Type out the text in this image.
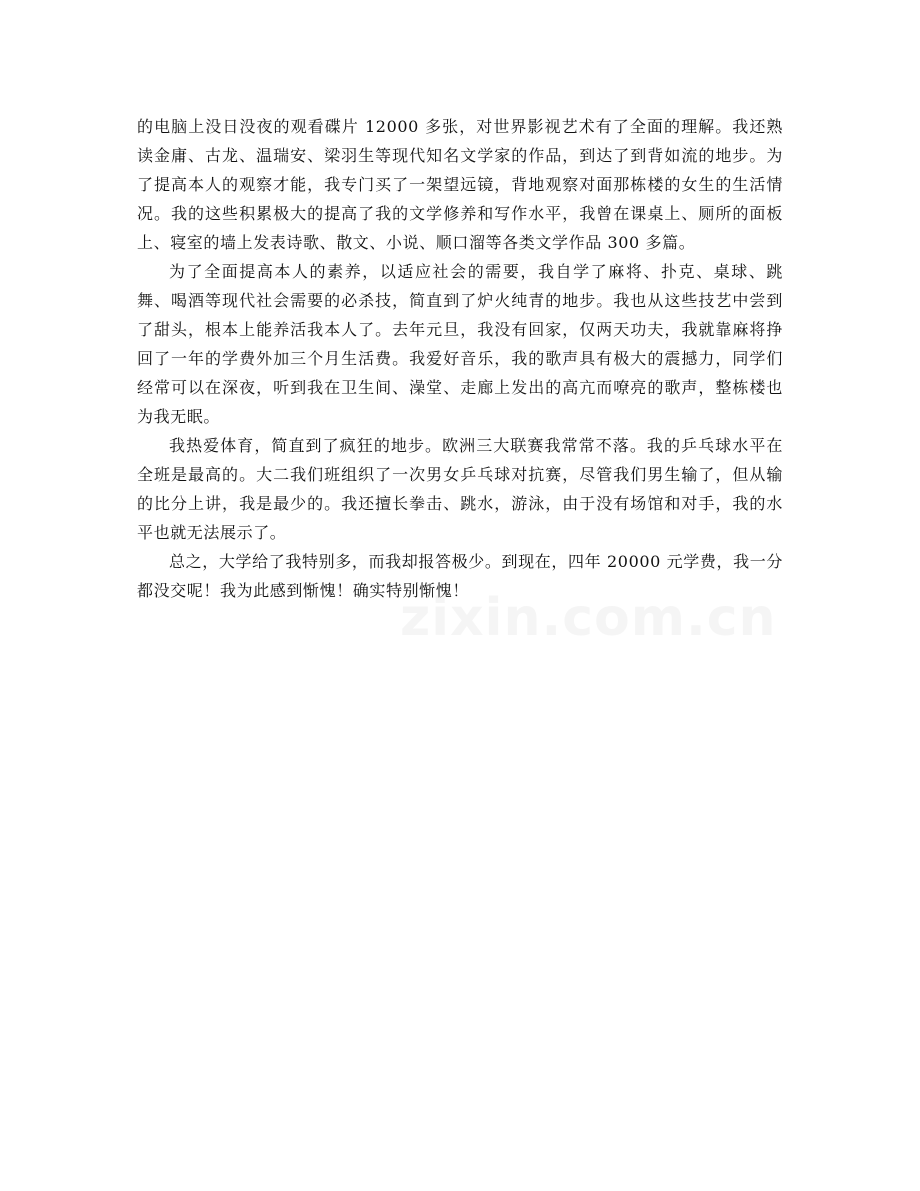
的电脑上没日没夜的观看碟片 12000 多张，对世界影视艺术有了全面的理解。我还熟读金庸、古龙、温瑞安、梁羽生等现代知名文学家的作品，到达了到背如流的地步。为了提高本人的观察才能，我专门买了一架望远镜，背地观察对面那栋楼的女生的生活情况。我的这些积累极大的提高了我的文学修养和写作水平，我曾在课桌上、厕所的面板上、寝室的墙上发表诗歌、散文、小说、顺口溜等各类文学作品 300 多篇。

为了全面提高本人的素养，以适应社会的需要，我自学了麻将、扑克、桌球、跳舞、喝酒等现代社会需要的必杀技，简直到了炉火纯青的地步。我也从这些技艺中尝到了甜头，根本上能养活我本人了。去年元旦，我没有回家，仅两天功夫，我就靠麻将挣回了一年的学费外加三个月生活费。我爱好音乐，我的歌声具有极大的震撼力，同学们经常可以在深夜，听到我在卫生间、澡堂、走廊上发出的高亢而嘹亮的歌声，整栋楼也为我无眠。

我热爱体育，简直到了疯狂的地步。欧洲三大联赛我常常不落。我的乒乓球水平在全班是最高的。大二我们班组织了一次男女乒乓球对抗赛，尽管我们男生输了，但从输的比分上讲，我是最少的。我还擅长拳击、跳水，游泳，由于没有场馆和对手，我的水平也就无法展示了。

总之，大学给了我特别多，而我却报答极少。到现在，四年 20000 元学费，我一分都没交呢！我为此感到惭愧！确实特别惭愧！

zixin.com.cn
